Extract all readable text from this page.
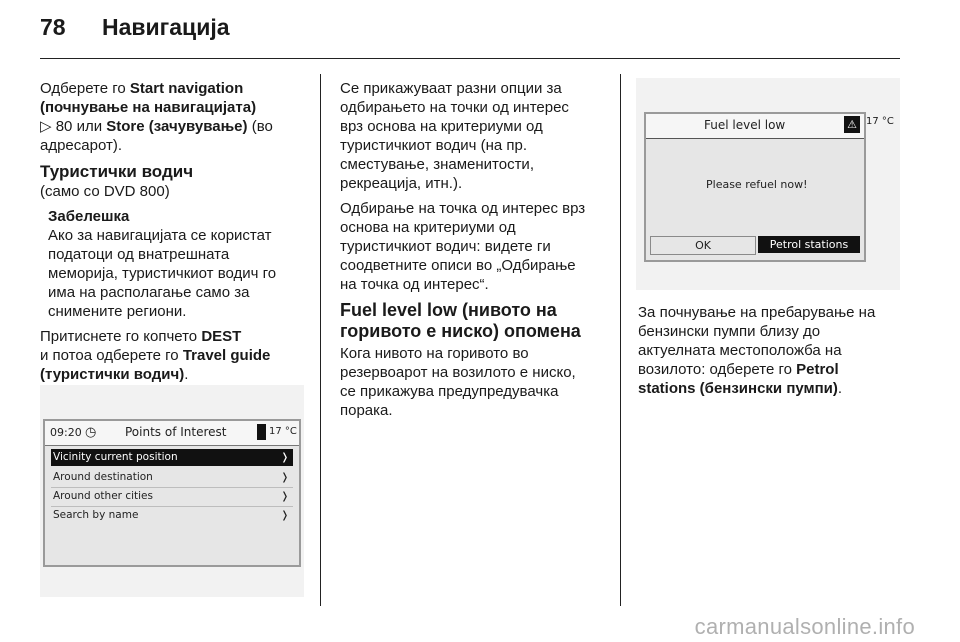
78 Навигација

Одберете го Start navigation (почнување на навигацијата)
▷ 80 или Store (зачувување) (во адресарот).

Туристички водич

(само со DVD 800)

Забелешка
Ако за навигацијата се користат
податоци од внатрешната
меморија, туристичкиот водич го
има на располагање само за
снимените региони.

Притиснете го копчето DEST
и потоа одберете го Travel guide (туристички водич).

09:20 ◷ Points of Interest	17 °C
Vicinity current position	❭
Around destination	❭
Around other cities	❭
Search by name	❭

Се прикажуваат разни опции за
одбирањето на точки од интерес
врз основа на критериуми од
туристичкиот водич (на пр.
сместување, знаменитости,
рекреација, итн.).

Одбирање на точка од интерес врз
основа на критериуми од
туристичкиот водич: видете ги
соодветните описи во „Одбирање
на точка од интерес“.

Fuel level low (нивото на
горивото е ниско) опомена

Кога нивото на горивото во
резервоарот на возилото е ниско,
се прикажува предупредувачка
порака.

Fuel level low	⚠
Please refuel now!
OK	Petrol stations
17 °C

За почнување на пребарување на
бензински пумпи близу до
актуелната местоположба на
возилото: одберете го Petrol
stations (бензински пумпи).

carmanualsonline.info
